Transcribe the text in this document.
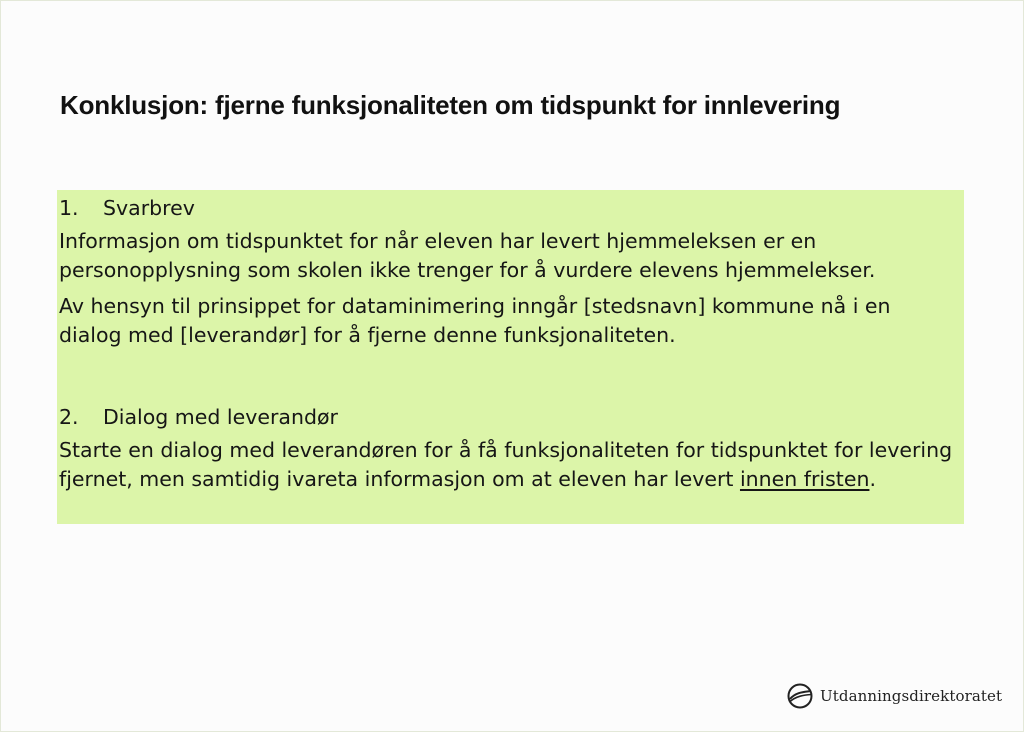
Konklusjon: fjerne funksjonaliteten om tidspunkt for innlevering
1.	Svarbrev

Informasjon om tidspunktet for når eleven har levert hjemmeleksen er en personopplysning som skolen ikke trenger for å vurdere elevens hjemmelekser.

Av hensyn til prinsippet for dataminimering inngår [stedsnavn] kommune nå i en dialog med [leverandør] for å fjerne denne funksjonaliteten.

2.	Dialog med leverandør

Starte en dialog med leverandøren for å få funksjonaliteten for tidspunktet for levering fjernet, men samtidig ivareta informasjon om at eleven har levert innen fristen.

Utdanningsdirektoratet
